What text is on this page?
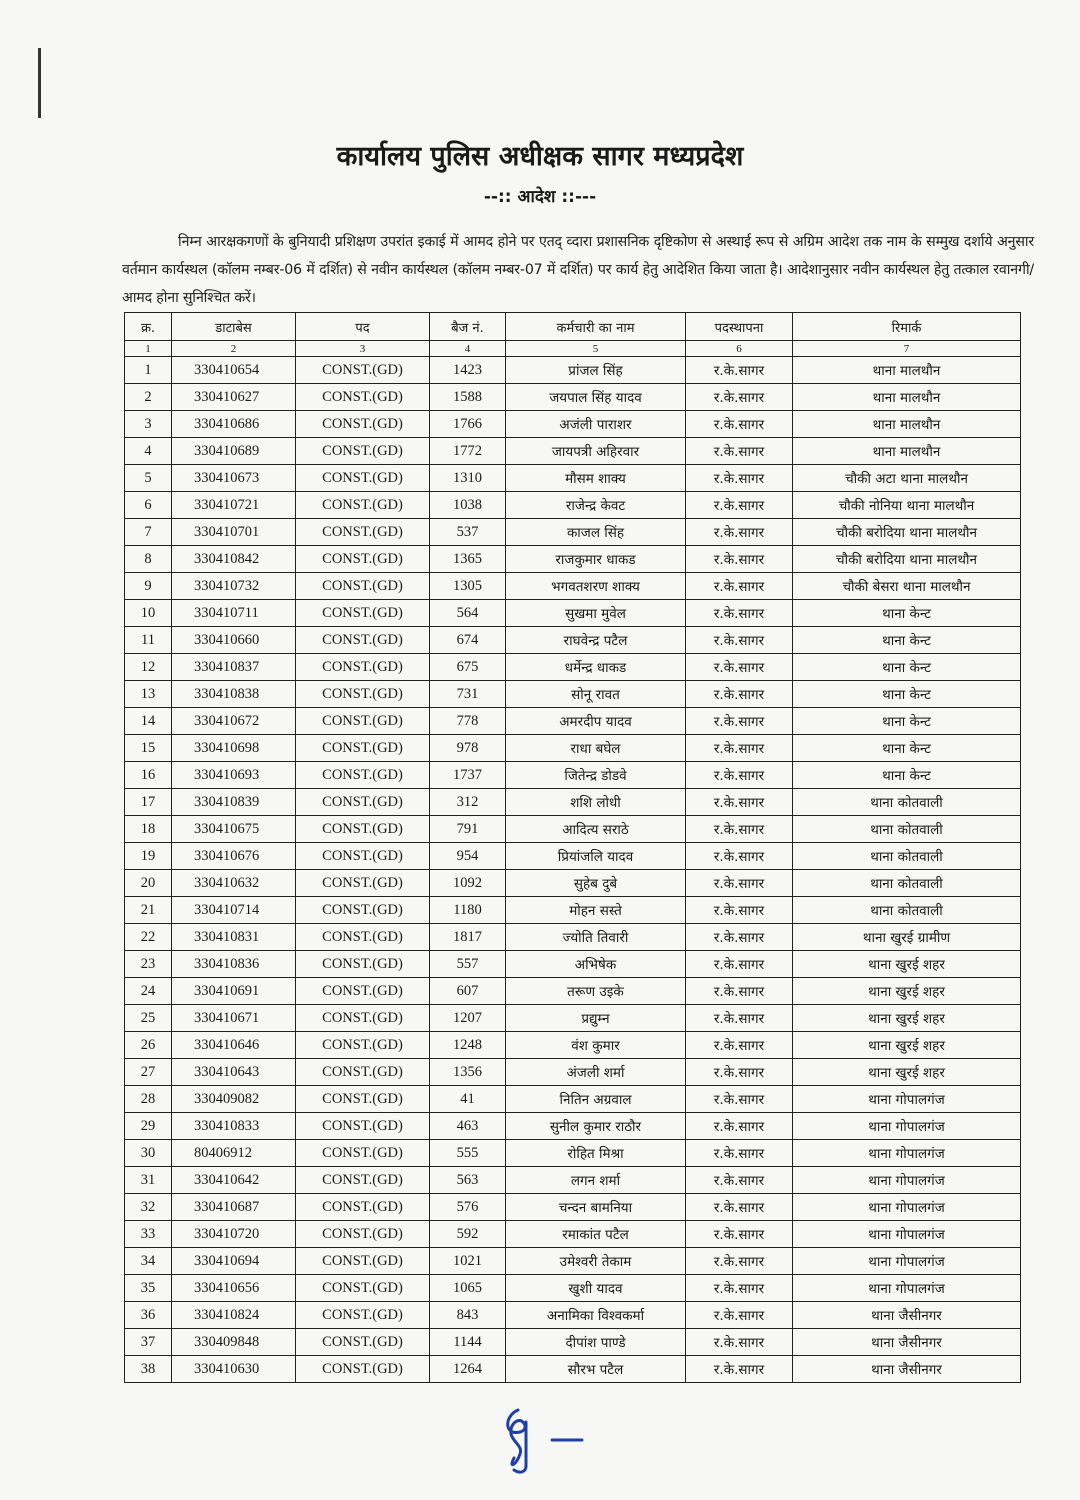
कार्यालय पुलिस अधीक्षक सागर मध्यप्रदेश
--:: आदेश ::---
निम्न आरक्षकगणों के बुनियादी प्रशिक्षण उपरांत इकाई में आमद होने पर एतद् व्दारा प्रशासनिक दृष्टिकोण से अस्थाई रूप से अग्रिम आदेश तक नाम के सम्मुख दर्शाये अनुसार वर्तमान कार्यस्थल (कॉलम नम्बर-06 में दर्शित) से नवीन कार्यस्थल (कॉलम नम्बर-07 में दर्शित) पर कार्य हेतु आदेशित किया जाता है। आदेशानुसार नवीन कार्यस्थल हेतु तत्काल रवानगी/आमद होना सुनिश्चित करें।
क्र.	डाटाबेस	पद	बैज नं.	कर्मचारी का नाम	पदस्थापना	रिमार्क
1	2	3	4	5	6	7
1	330410654	CONST.(GD)	1423	प्रांजल सिंह	र.के.सागर	थाना मालथौन
2	330410627	CONST.(GD)	1588	जयपाल सिंह यादव	र.के.सागर	थाना मालथौन
3	330410686	CONST.(GD)	1766	अजंली पाराशर	र.के.सागर	थाना मालथौन
4	330410689	CONST.(GD)	1772	जायपत्री अहिरवार	र.के.सागर	थाना मालथौन
5	330410673	CONST.(GD)	1310	मौसम शाक्य	र.के.सागर	चौकी अटा थाना मालथौन
6	330410721	CONST.(GD)	1038	राजेन्द्र केवट	र.के.सागर	चौकी नोनिया थाना मालथौन
7	330410701	CONST.(GD)	537	काजल सिंह	र.के.सागर	चौकी बरोदिया थाना मालथौन
8	330410842	CONST.(GD)	1365	राजकुमार धाकड	र.के.सागर	चौकी बरोदिया थाना मालथौन
9	330410732	CONST.(GD)	1305	भगवतशरण शाक्य	र.के.सागर	चौकी बेसरा थाना मालथौन
10	330410711	CONST.(GD)	564	सुखमा मुवेल	र.के.सागर	थाना केन्ट
11	330410660	CONST.(GD)	674	राघवेन्द्र पटैल	र.के.सागर	थाना केन्ट
12	330410837	CONST.(GD)	675	धर्मेन्द्र धाकड	र.के.सागर	थाना केन्ट
13	330410838	CONST.(GD)	731	सोनू रावत	र.के.सागर	थाना केन्ट
14	330410672	CONST.(GD)	778	अमरदीप यादव	र.के.सागर	थाना केन्ट
15	330410698	CONST.(GD)	978	राधा बघेल	र.के.सागर	थाना केन्ट
16	330410693	CONST.(GD)	1737	जितेन्द्र डोडवे	र.के.सागर	थाना केन्ट
17	330410839	CONST.(GD)	312	शशि लोधी	र.के.सागर	थाना कोतवाली
18	330410675	CONST.(GD)	791	आदित्य सराठे	र.के.सागर	थाना कोतवाली
19	330410676	CONST.(GD)	954	प्रियांजलि यादव	र.के.सागर	थाना कोतवाली
20	330410632	CONST.(GD)	1092	सुहेब दुबे	र.के.सागर	थाना कोतवाली
21	330410714	CONST.(GD)	1180	मोहन सस्ते	र.के.सागर	थाना कोतवाली
22	330410831	CONST.(GD)	1817	ज्योति तिवारी	र.के.सागर	थाना खुरई ग्रामीण
23	330410836	CONST.(GD)	557	अभिषेक	र.के.सागर	थाना खुरई शहर
24	330410691	CONST.(GD)	607	तरूण उइके	र.के.सागर	थाना खुरई शहर
25	330410671	CONST.(GD)	1207	प्रद्युम्न	र.के.सागर	थाना खुरई शहर
26	330410646	CONST.(GD)	1248	वंश कुमार	र.के.सागर	थाना खुरई शहर
27	330410643	CONST.(GD)	1356	अंजली शर्मा	र.के.सागर	थाना खुरई शहर
28	330409082	CONST.(GD)	41	नितिन अग्रवाल	र.के.सागर	थाना गोपालगंज
29	330410833	CONST.(GD)	463	सुनील कुमार राठौर	र.के.सागर	थाना गोपालगंज
30	80406912	CONST.(GD)	555	रोहित मिश्रा	र.के.सागर	थाना गोपालगंज
31	330410642	CONST.(GD)	563	लगन शर्मा	र.के.सागर	थाना गोपालगंज
32	330410687	CONST.(GD)	576	चन्दन बामनिया	र.के.सागर	थाना गोपालगंज
33	330410720	CONST.(GD)	592	रमाकांत पटैल	र.के.सागर	थाना गोपालगंज
34	330410694	CONST.(GD)	1021	उमेश्वरी तेकाम	र.के.सागर	थाना गोपालगंज
35	330410656	CONST.(GD)	1065	खुशी यादव	र.के.सागर	थाना गोपालगंज
36	330410824	CONST.(GD)	843	अनामिका विश्वकर्मा	र.के.सागर	थाना जैसीनगर
37	330409848	CONST.(GD)	1144	दीपांश पाण्डे	र.के.सागर	थाना जैसीनगर
38	330410630	CONST.(GD)	1264	सौरभ पटैल	र.के.सागर	थाना जैसीनगर
